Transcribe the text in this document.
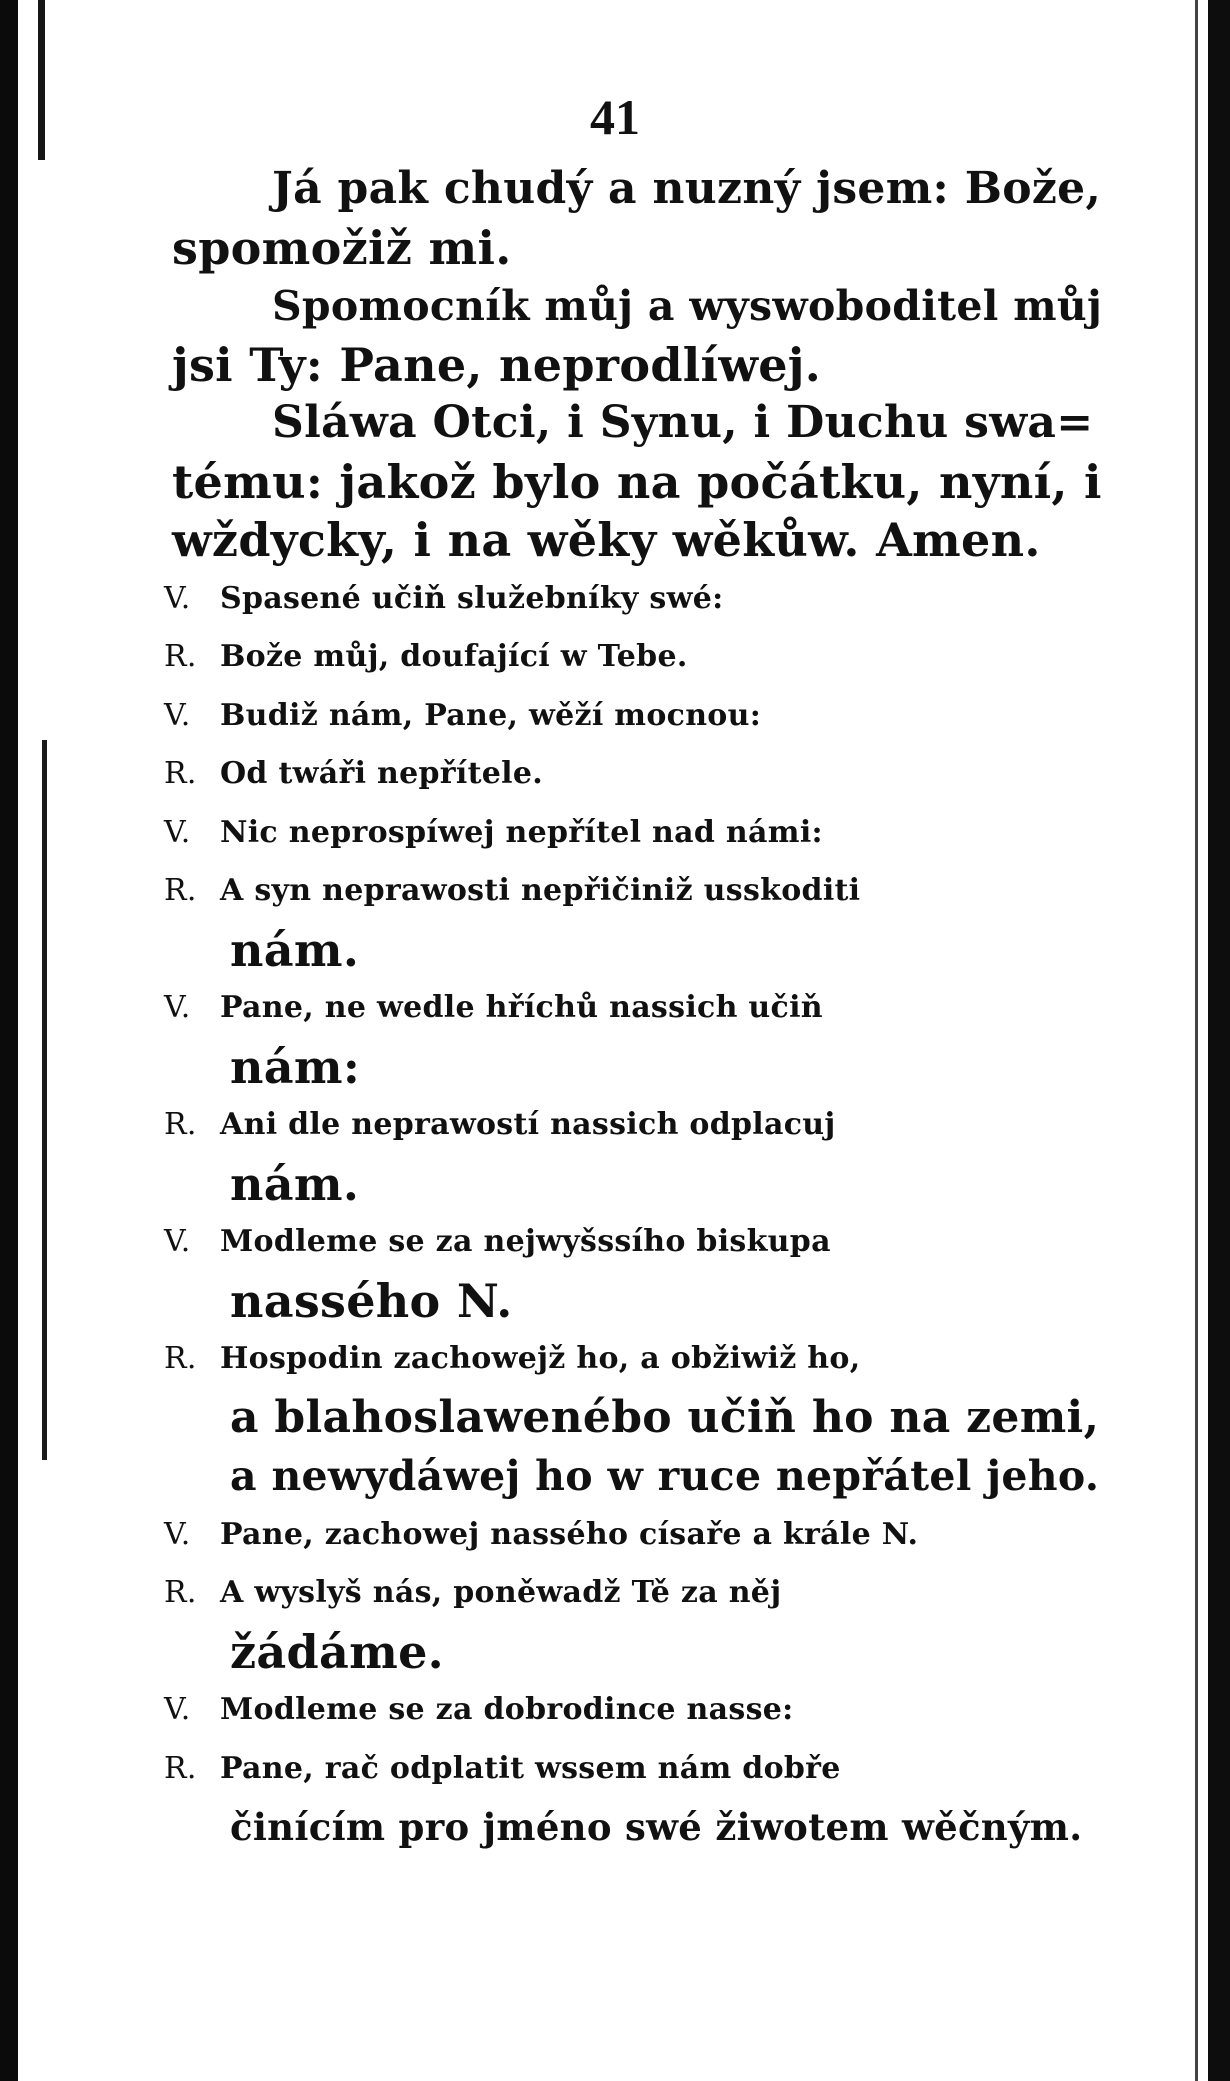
41
Já pak chudý a nuzný jsem: Bože,
spomožiž mi.
Spomocník můj a wyswoboditel můj
jsi Ty: Pane, neprodlíwej.
Sláwa Otci, i Synu, i Duchu swa=
tému: jakož bylo na počátku, nyní, i
wždycky, i na wěky wěkůw. Amen.
V. Spasené učiň služebníky swé:
R. Bože můj, doufající w Tebe.
V. Budiž nám, Pane, wěží mocnou:
R. Od twáři nepřítele.
V. Nic neprospíwej nepřítel nad námi:
R. A syn neprawosti nepřičiniž usskoditi
nám.
V. Pane, ne wedle hříchů nassich učiň
nám:
R. Ani dle neprawostí nassich odplacuj
nám.
V. Modleme se za nejwyšssího biskupa
nassého N.
R. Hospodin zachowejž ho, a obžiwiž ho,
a blahoslawenébo učiň ho na zemi,
a newydáwej ho w ruce nepřátel jeho.
V. Pane, zachowej nassého císaře a krále N.
R. A wyslyš nás, poněwadž Tě za něj
žádáme.
V. Modleme se za dobrodince nasse:
R. Pane, rač odplatit wssem nám dobře
činícím pro jméno swé žiwotem wěčným.
